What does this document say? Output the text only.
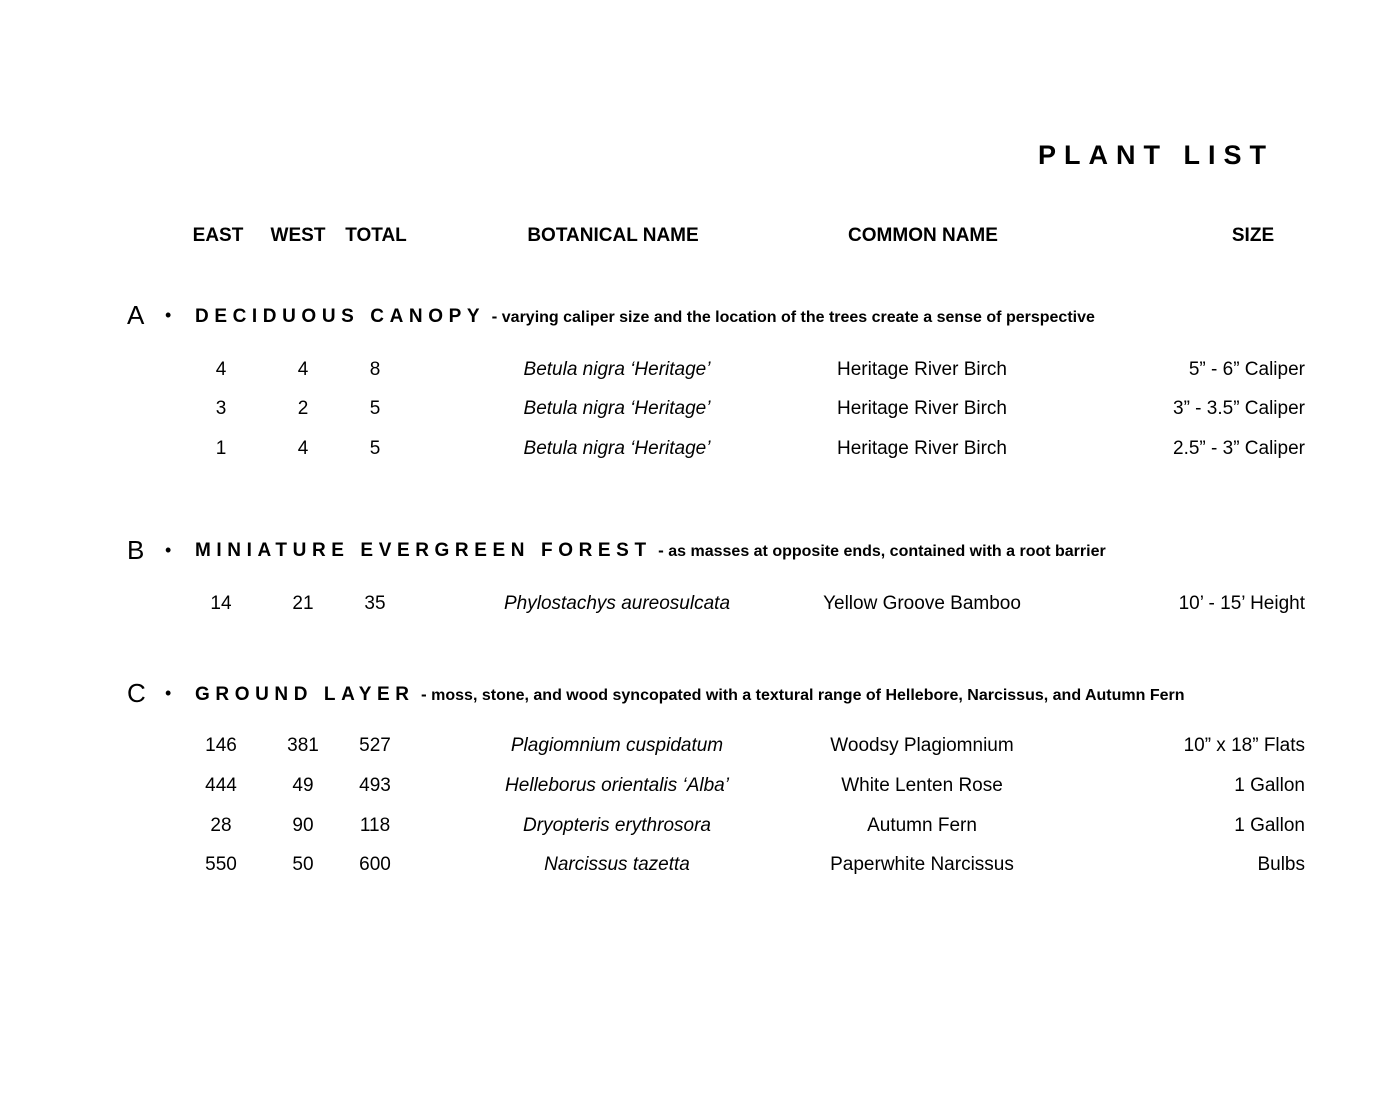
PLANT LIST
EAST WEST TOTAL	BOTANICAL NAME	COMMON NAME	SIZE
A • DECIDUOUS CANOPY - varying caliper size and the location of the trees create a sense of perspective
4	4	8	Betula nigra ‘Heritage’	Heritage River Birch	5” - 6” Caliper
3	2	5	Betula nigra ‘Heritage’	Heritage River Birch	3” - 3.5” Caliper
1	4	5	Betula nigra ‘Heritage’	Heritage River Birch	2.5” - 3” Caliper
B • MINIATURE EVERGREEN FOREST - as masses at opposite ends, contained with a root barrier
14	21	35	Phylostachys aureosulcata	Yellow Groove Bamboo	10’ - 15’ Height
C • GROUND LAYER - moss, stone, and wood syncopated with a textural range of Hellebore, Narcissus, and Autumn Fern
146	381 527	Plagiomnium cuspidatum	Woodsy Plagiomnium	10” x 18” Flats
444	49 493	Helleborus orientalis ‘Alba’	White Lenten Rose	1 Gallon
28	90 118	Dryopteris erythrosora	Autumn Fern	1 Gallon
550	50 600	Narcissus tazetta	Paperwhite Narcissus	Bulbs
